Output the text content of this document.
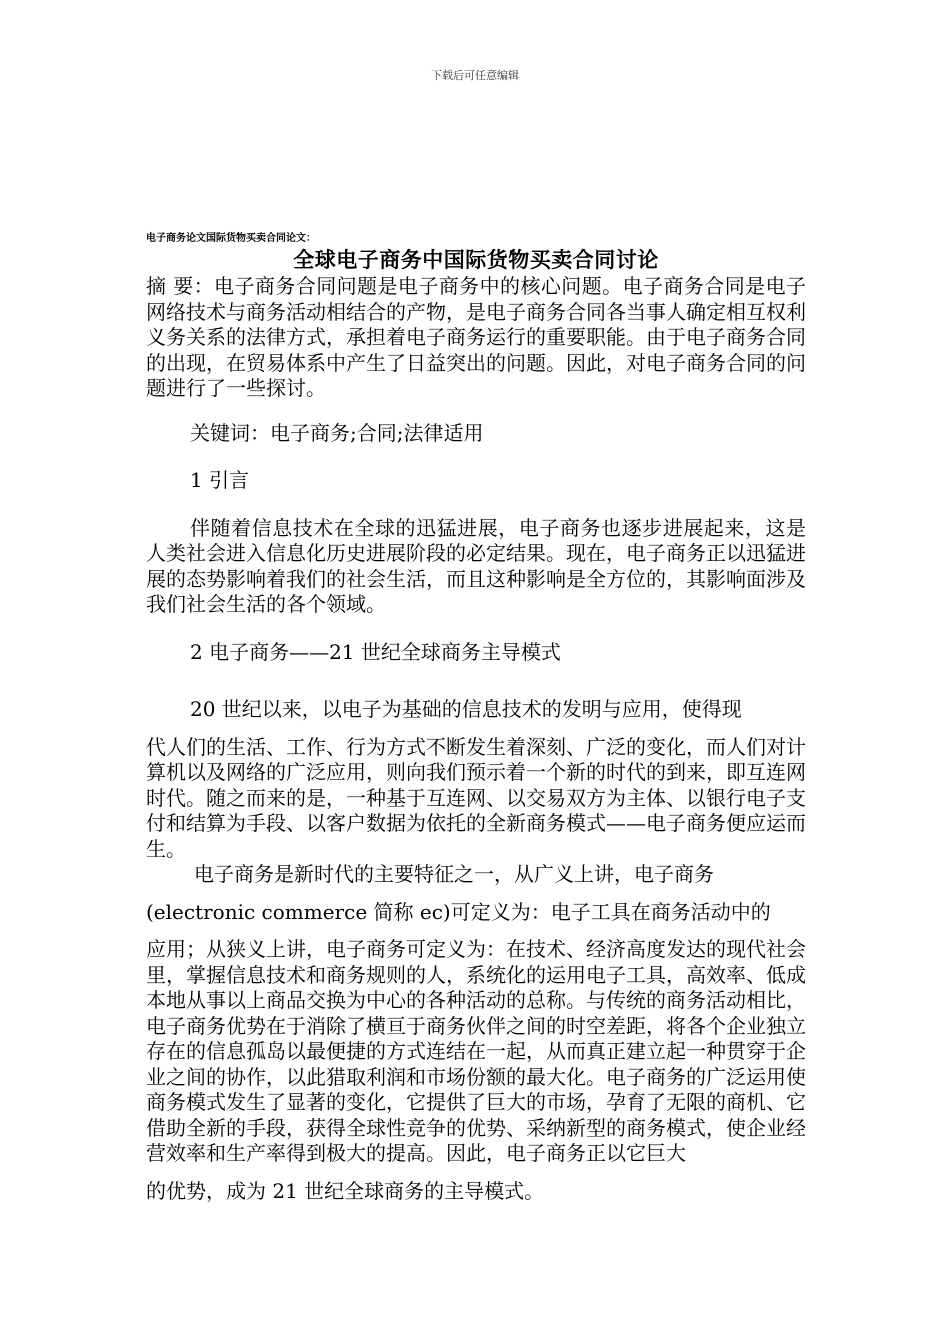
下载后可任意编辑
电子商务论文国际货物买卖合同论文：
全球电子商务中国际货物买卖合同讨论

摘 要：电子商务合同问题是电子商务中的核心问题。电子商务合同是电子网络技术与商务活动相结合的产物，是电子商务合同各当事人确定相互权利义务关系的法律方式，承担着电子商务运行的重要职能。由于电子商务合同的出现，在贸易体系中产生了日益突出的问题。因此，对电子商务合同的问题进行了一些探讨。

关键词：电子商务;合同;法律适用

1 引言

伴随着信息技术在全球的迅猛进展，电子商务也逐步进展起来，这是人类社会进入信息化历史进展阶段的必定结果。现在，电子商务正以迅猛进展的态势影响着我们的社会生活，而且这种影响是全方位的，其影响面涉及我们社会生活的各个领域。

2 电子商务——21 世纪全球商务主导模式

20 世纪以来，以电子为基础的信息技术的发明与应用，使得现

代人们的生活、工作、行为方式不断发生着深刻、广泛的变化，而人们对计算机以及网络的广泛应用，则向我们预示着一个新的时代的到来，即互连网时代。随之而来的是，一种基于互连网、以交易双方为主体、以银行电子支付和结算为手段、以客户数据为依托的全新商务模式——电子商务便应运而生。

电子商务是新时代的主要特征之一，从广义上讲，电子商务

(electronic commerce 简称 ec)可定义为：电子工具在商务活动中的

应用；从狭义上讲，电子商务可定义为：在技术、经济高度发达的现代社会里，掌握信息技术和商务规则的人，系统化的运用电子工具，高效率、低成本地从事以上商品交换为中心的各种活动的总称。与传统的商务活动相比，电子商务优势在于消除了横亘于商务伙伴之间的时空差距，将各个企业独立存在的信息孤岛以最便捷的方式连结在一起，从而真正建立起一种贯穿于企业之间的协作，以此猎取利润和市场份额的最大化。电子商务的广泛运用使商务模式发生了显著的变化，它提供了巨大的市场，孕育了无限的商机、它借助全新的手段，获得全球性竞争的优势、采纳新型的商务模式，使企业经营效率和生产率得到极大的提高。因此，电子商务正以它巨大

的优势，成为 21 世纪全球商务的主导模式。
